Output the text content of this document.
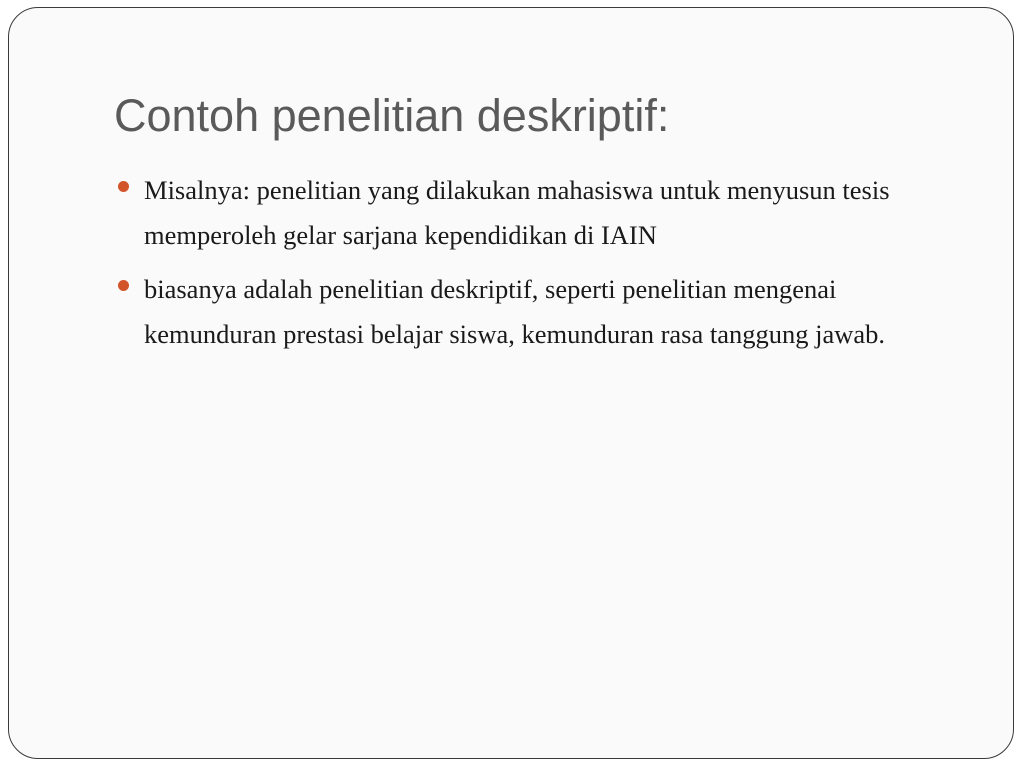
Contoh penelitian deskriptif:
Misalnya: penelitian yang dilakukan mahasiswa untuk menyusun tesis memperoleh gelar sarjana kependidikan di IAIN
biasanya adalah penelitian deskriptif, seperti penelitian mengenai kemunduran prestasi belajar siswa, kemunduran rasa tanggung jawab.
